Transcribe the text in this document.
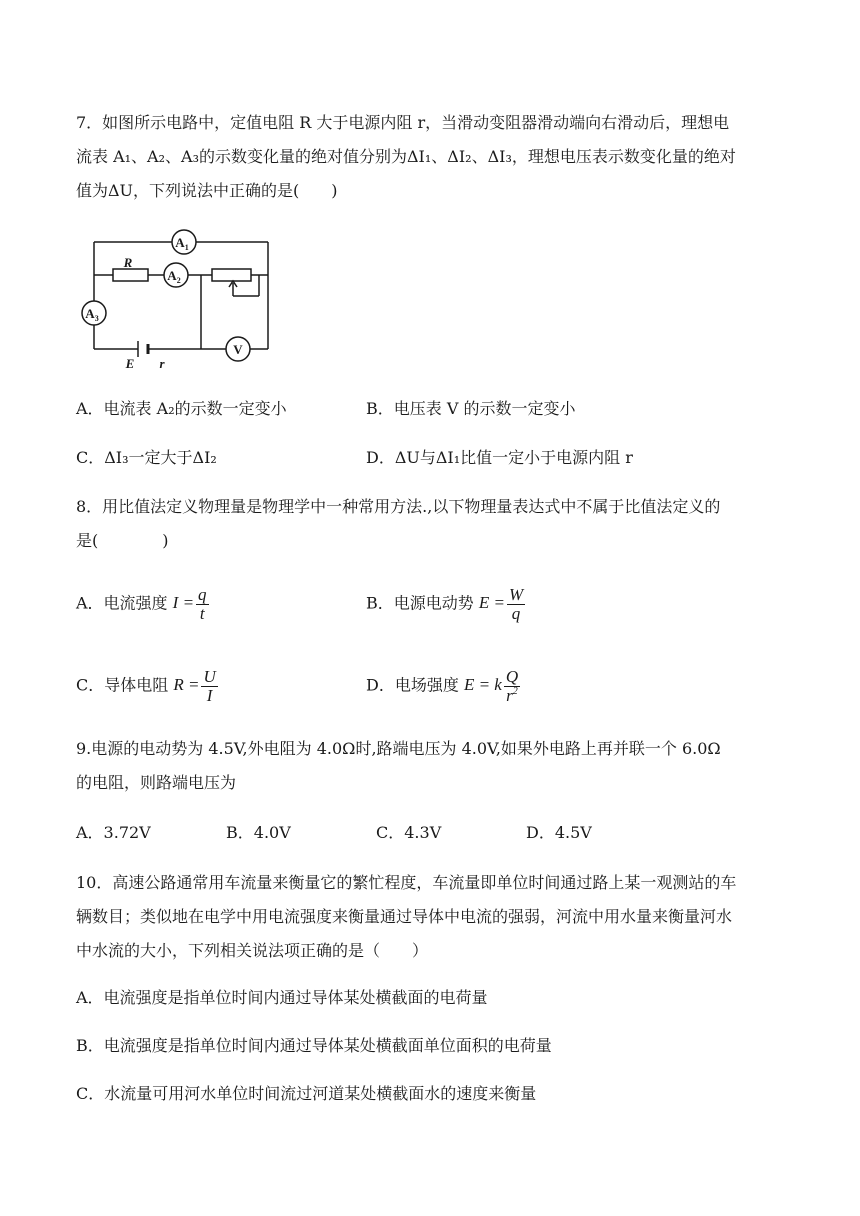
7．如图所示电路中，定值电阻 R 大于电源内阻 r，当滑动变阻器滑动端向右滑动后，理想电
流表 A₁、A₂、A₃的示数变化量的绝对值分别为ΔI₁、ΔI₂、ΔI₃，理想电压表示数变化量的绝对
值为ΔU，下列说法中正确的是(　　)
$A_1$
$A_2$
$A_3$
V
R
E r
A．电流表 A₂的示数一定变小	B．电压表 V 的示数一定变小
C．ΔI₃一定大于ΔI₂	D．ΔU与ΔI₁比值一定小于电源内阻 r
8．用比值法定义物理量是物理学中一种常用方法.,以下物理量表达式中不属于比值法定义的
是(　　　　)
A．电流强度 $I = \frac{q}{t}$	B．电源电动势 $E = \frac{W}{q}$
C．导体电阻 $R = \frac{U}{I}$	D．电场强度 E = k $\frac{Q}{r^2}$
9.电源的电动势为 4.5V,外电阻为 4.0Ω时,路端电压为 4.0V,如果外电路上再并联一个 6.0Ω
的电阻，则路端电压为
A．3.72V	B．4.0V	C．4.3V	D．4.5V
10．高速公路通常用车流量来衡量它的繁忙程度，车流量即单位时间通过路上某一观测站的车
辆数目；类似地在电学中用电流强度来衡量通过导体中电流的强弱，河流中用水量来衡量河水
中水流的大小，下列相关说法项正确的是（　　）
A．电流强度是指单位时间内通过导体某处横截面的电荷量
B．电流强度是指单位时间内通过导体某处横截面单位面积的电荷量
C．水流量可用河水单位时间流过河道某处横截面水的速度来衡量
